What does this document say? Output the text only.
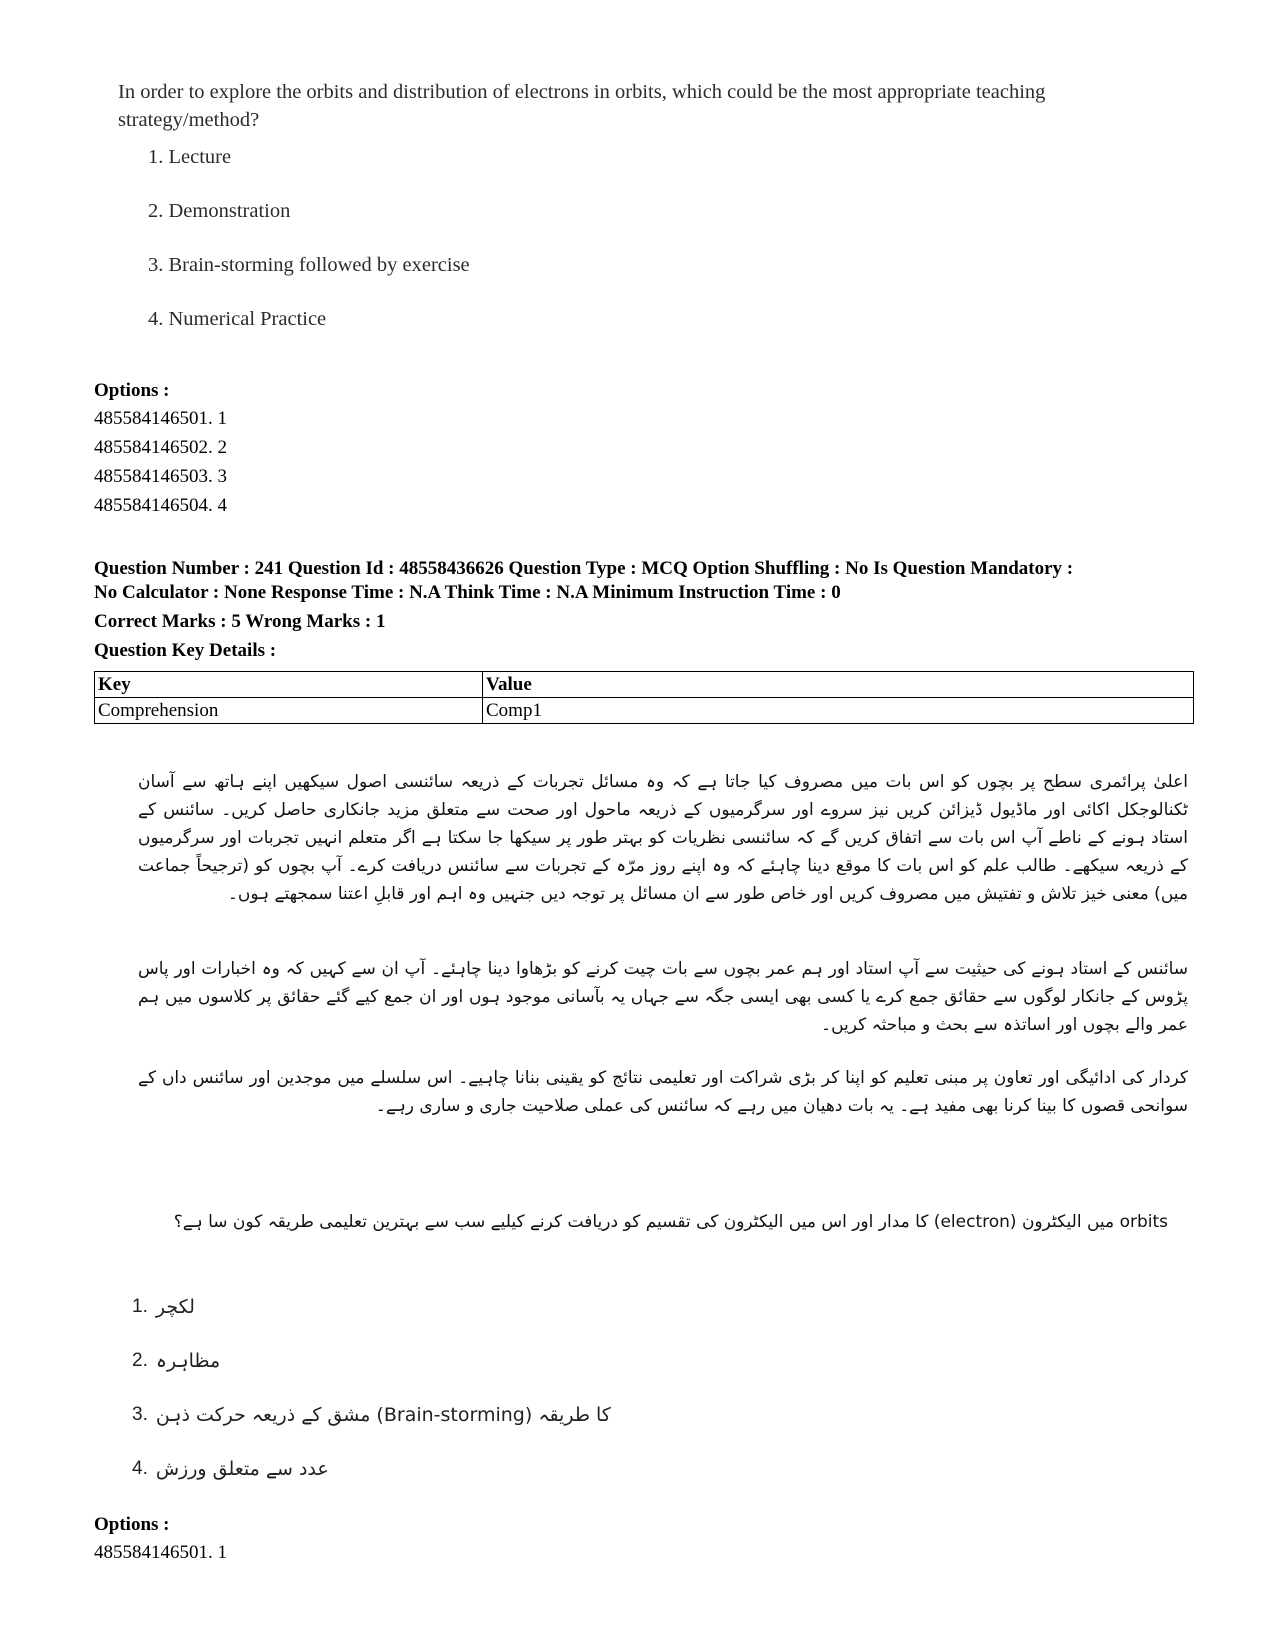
In order to explore the orbits and distribution of electrons in orbits, which could be the most appropriate teaching strategy/method?
1. Lecture
2. Demonstration
3. Brain-storming followed by exercise
4. Numerical Practice
Options :
485584146501. 1
485584146502. 2
485584146503. 3
485584146504. 4
Question Number : 241 Question Id : 48558436626 Question Type : MCQ Option Shuffling : No Is Question Mandatory :
No Calculator : None Response Time : N.A Think Time : N.A Minimum Instruction Time : 0
Correct Marks : 5 Wrong Marks : 1
Question Key Details :
Key	Value
Comprehension	Comp1
اعلیٰ پرائمری سطح پر بچوں کو اس بات میں مصروف کیا جاتا ہے کہ وہ مسائل تجربات کے ذریعہ سائنسی اصول سیکھیں اپنے ہاتھ سے آسان ٹکنالوجکل اکائی اور ماڈیول ڈیزائن کریں نیز سروے اور سرگرمیوں کے ذریعہ ماحول اور صحت سے متعلق مزید جانکاری حاصل کریں۔ سائنس کے استاد ہونے کے ناطے آپ اس بات سے اتفاق کریں گے کہ سائنسی نظریات کو بہتر طور پر سیکھا جا سکتا ہے اگر متعلم انہیں تجربات اور سرگرمیوں کے ذریعہ سیکھے۔ طالب علم کو اس بات کا موقع دینا چاہئے کہ وہ اپنے روز مرّہ کے تجربات سے سائنس دریافت کرے۔ آپ بچوں کو (ترجیحاً جماعت میں) معنی خیز تلاش و تفتیش میں مصروف کریں اور خاص طور سے ان مسائل پر توجہ دیں جنہیں وہ اہم اور قابلِ اعتنا سمجھتے ہوں۔
سائنس کے استاد ہونے کی حیثیت سے آپ استاد اور ہم عمر بچوں سے بات چیت کرنے کو بڑھاوا دینا چاہئے۔ آپ ان سے کہیں کہ وہ اخبارات اور پاس پڑوس کے جانکار لوگوں سے حقائق جمع کرے یا کسی بھی ایسی جگہ سے جہاں یہ بآسانی موجود ہوں اور ان جمع کیے گئے حقائق پر کلاسوں میں ہم عمر والے بچوں اور اساتذہ سے بحث و مباحثہ کریں۔
کردار کی ادائیگی اور تعاون پر مبنی تعلیم کو اپنا کر بڑی شراکت اور تعلیمی نتائج کو یقینی بنانا چاہیے۔ اس سلسلے میں موجدین اور سائنس داں کے سوانحی قصوں کا بینا کرنا بھی مفید ہے۔ یہ بات دھیان میں رہے کہ سائنس کی عملی صلاحیت جاری و ساری رہے۔
orbits میں الیکٹرون (electron) کا مدار اور اس میں الیکٹرون کی تقسیم کو دریافت کرنے کیلیے سب سے بہترین تعلیمی طریقہ کون سا ہے؟
1. لکچر
2. مظاہرہ
3. مشق کے ذریعہ حرکت ذہن (Brain-storming) کا طریقہ
4. عدد سے متعلق ورزش
Options :
485584146501. 1
